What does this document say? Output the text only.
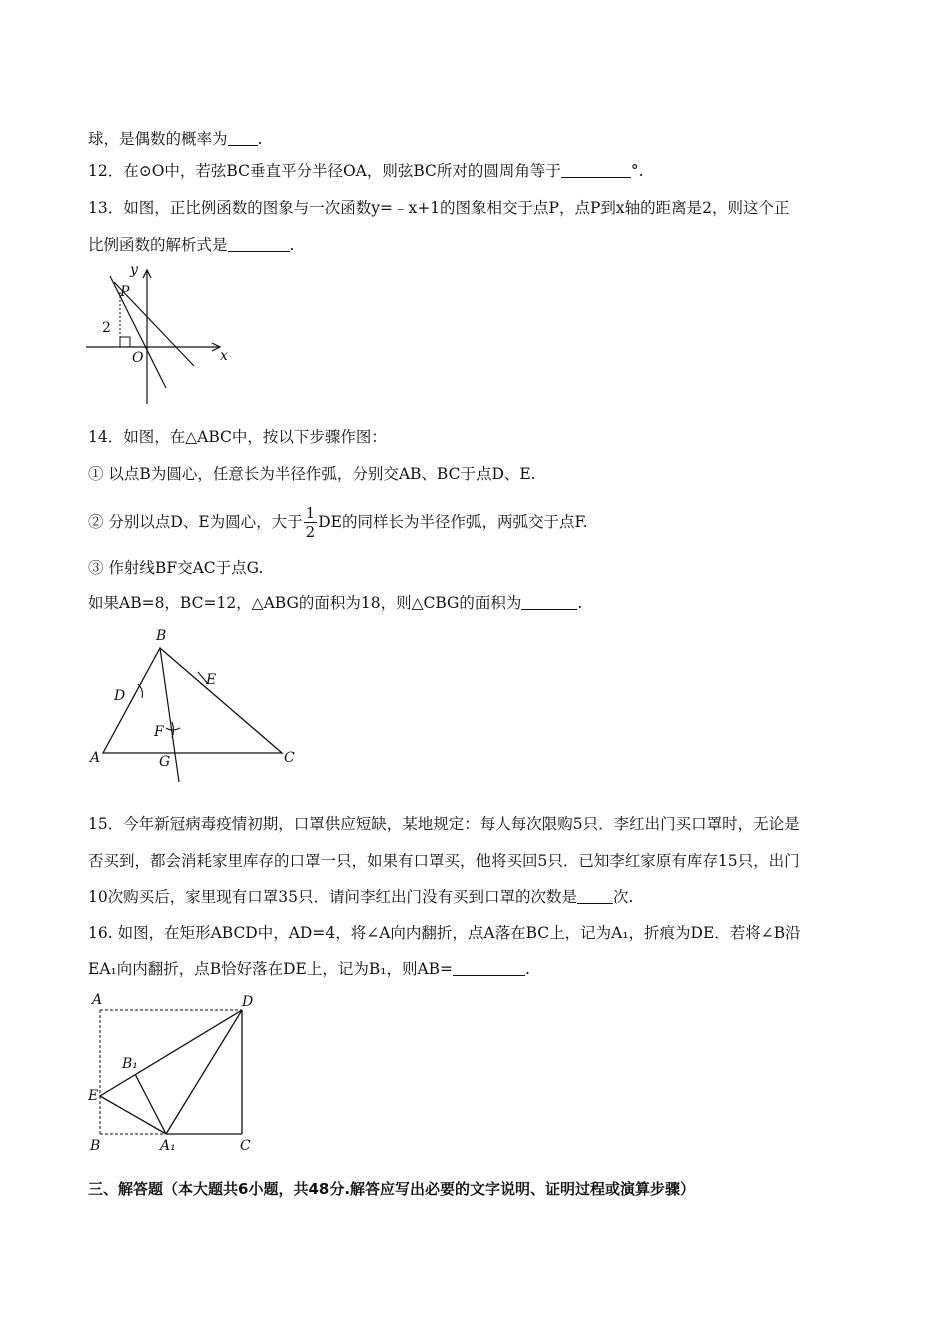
球，是偶数的概率为 .
12．在⊙O中，若弦BC垂直平分半径OA，则弦BC所对的圆周角等于	°.
13．如图，正比例函数的图象与一次函数y=﹣x+1的图象相交于点P，点P到x轴的距离是2，则这个正
比例函数的解析式是	.
x
y
P
O
2
14．如图，在△ABC中，按以下步骤作图：
① 以点B为圆心，任意长为半径作弧，分别交AB、BC于点D、E.
② 分别以点D、E为圆心，大于 $\frac{1}{2}$ DE的同样长为半径作弧，两弧交于点F.
③ 作射线BF交AC于点G.
如果AB=8，BC=12，△ABG的面积为18，则△CBG的面积为	.
B
A	C
D
E
F
G
15．今年新冠病毒疫情初期，口罩供应短缺，某地规定：每人每次限购5只．李红出门买口罩时，无论是
否买到，都会消耗家里库存的口罩一只，如果有口罩买，他将买回5只．已知李红家原有库存15只，出门
10次购买后，家里现有口罩35只．请问李红出门没有买到口罩的次数是 次.
16. 如图，在矩形ABCD中，AD=4，将∠A向内翻折，点A落在BC上，记为A₁，折痕为DE．若将∠B沿
EA₁向内翻折，点B恰好落在DE上，记为B₁，则AB=	.
A	D
E
B₁
B	A₁	C
三、解答题（本大题共6小题，共48分.解答应写出必要的文字说明、证明过程或演算步骤）
